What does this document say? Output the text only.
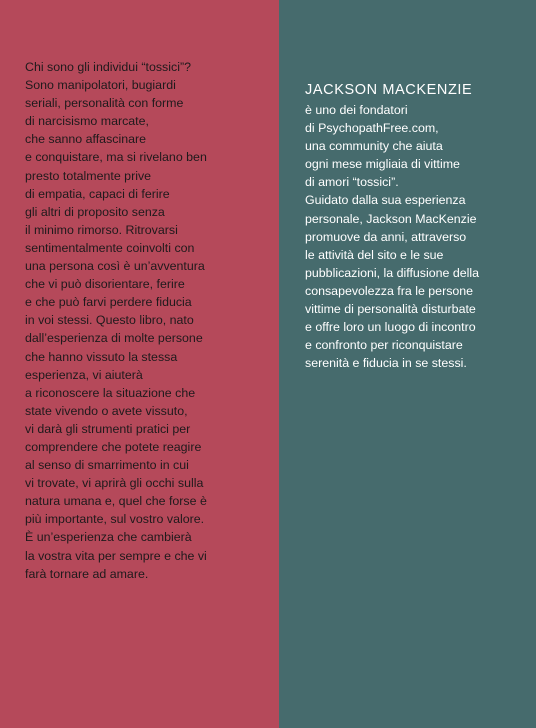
Chi sono gli individui “tossici”?
Sono manipolatori, bugiardi
seriali, personalità con forme
di narcisismo marcate,
che sanno affascinare
e conquistare, ma si rivelano ben
presto totalmente prive
di empatia, capaci di ferire
gli altri di proposito senza
il minimo rimorso. Ritrovarsi
sentimentalmente coinvolti con
una persona così è un’avventura
che vi può disorientare, ferire
e che può farvi perdere fiducia
in voi stessi. Questo libro, nato
dall’esperienza di molte persone
che hanno vissuto la stessa
esperienza, vi aiuterà
a riconoscere la situazione che
state vivendo o avete vissuto,
vi darà gli strumenti pratici per
comprendere che potete reagire
al senso di smarrimento in cui
vi trovate, vi aprirà gli occhi sulla
natura umana e, quel che forse è
più importante, sul vostro valore.
È un’esperienza che cambierà
la vostra vita per sempre e che vi
farà tornare ad amare.

JACKSON MACKENZIE

è uno dei fondatori
di PsychopathFree.com,
una community che aiuta
ogni mese migliaia di vittime
di amori “tossici”.
Guidato dalla sua esperienza
personale, Jackson MacKenzie
promuove da anni, attraverso
le attività del sito e le sue
pubblicazioni, la diffusione della
consapevolezza fra le persone
vittime di personalità disturbate
e offre loro un luogo di incontro
e confronto per riconquistare
serenità e fiducia in se stessi.
